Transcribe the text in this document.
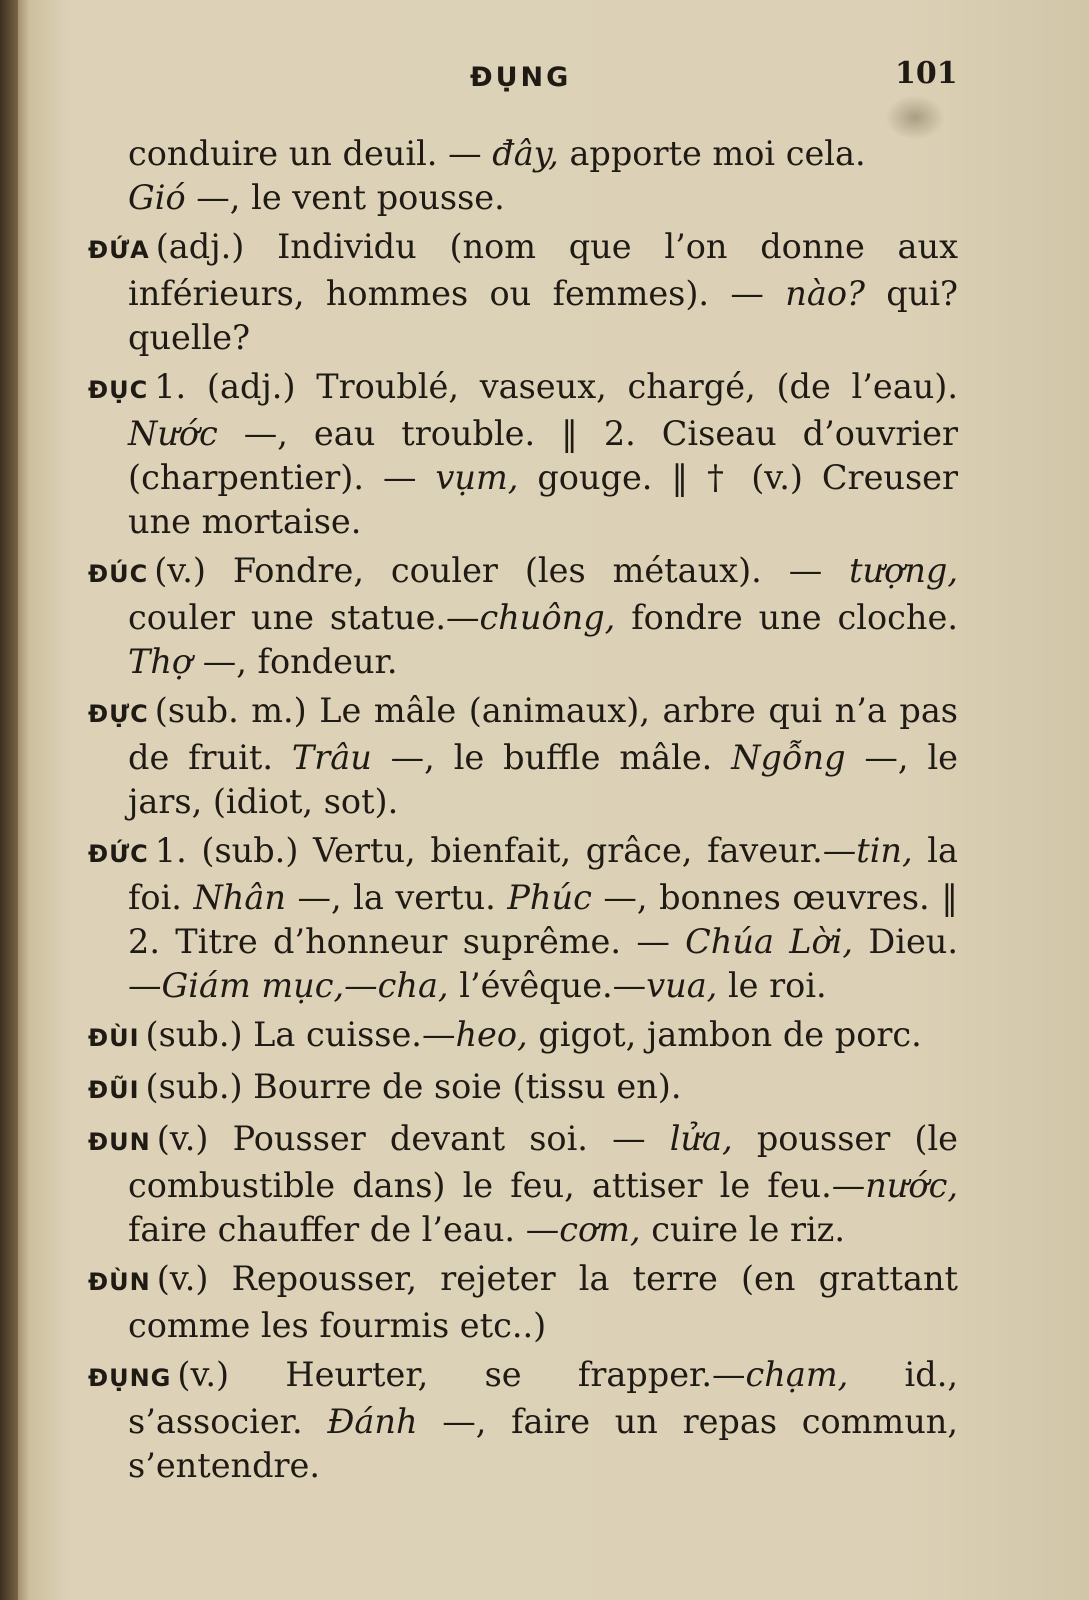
ĐỤNG	101
conduire un deuil. — đây, apporte moi cela.
Gió —, le vent pousse.
ĐỨA (adj.) Individu (nom que l’on donne aux inférieurs, hommes ou femmes). — nào? qui? quelle?
ĐỤC 1. (adj.) Troublé, vaseux, chargé, (de l’eau). Nước —, eau trouble. ‖ 2. Ciseau d’ouvrier (charpentier). — vụm, gouge. ‖ † (v.) Creuser une mortaise.
ĐÚC (v.) Fondre, couler (les métaux). — tượng, couler une statue.—chuông, fondre une cloche. Thợ —, fondeur.
ĐỰC (sub. m.) Le mâle (animaux), arbre qui n’a pas de fruit. Trâu —, le buffle mâle. Ngỗng —, le jars, (idiot, sot).
ĐỨC 1. (sub.) Vertu, bienfait, grâce, faveur.—tin, la foi. Nhân —, la vertu. Phúc —, bonnes œuvres. ‖ 2. Titre d’honneur suprême. — Chúa Lời, Dieu.—Giám mục,—cha, l’évêque.—vua, le roi.
ĐÙI (sub.) La cuisse.—heo, gigot, jambon de porc.
ĐŨI (sub.) Bourre de soie (tissu en).
ĐUN (v.) Pousser devant soi. — lửa, pousser (le combustible dans) le feu, attiser le feu.—nước, faire chauffer de l’eau. —cơm, cuire le riz.
ĐÙN (v.) Repousser, rejeter la terre (en grattant comme les fourmis etc..)
ĐỤNG (v.) Heurter, se frapper.—chạm, id., s’associer. Đánh —, faire un repas commun, s’entendre.
